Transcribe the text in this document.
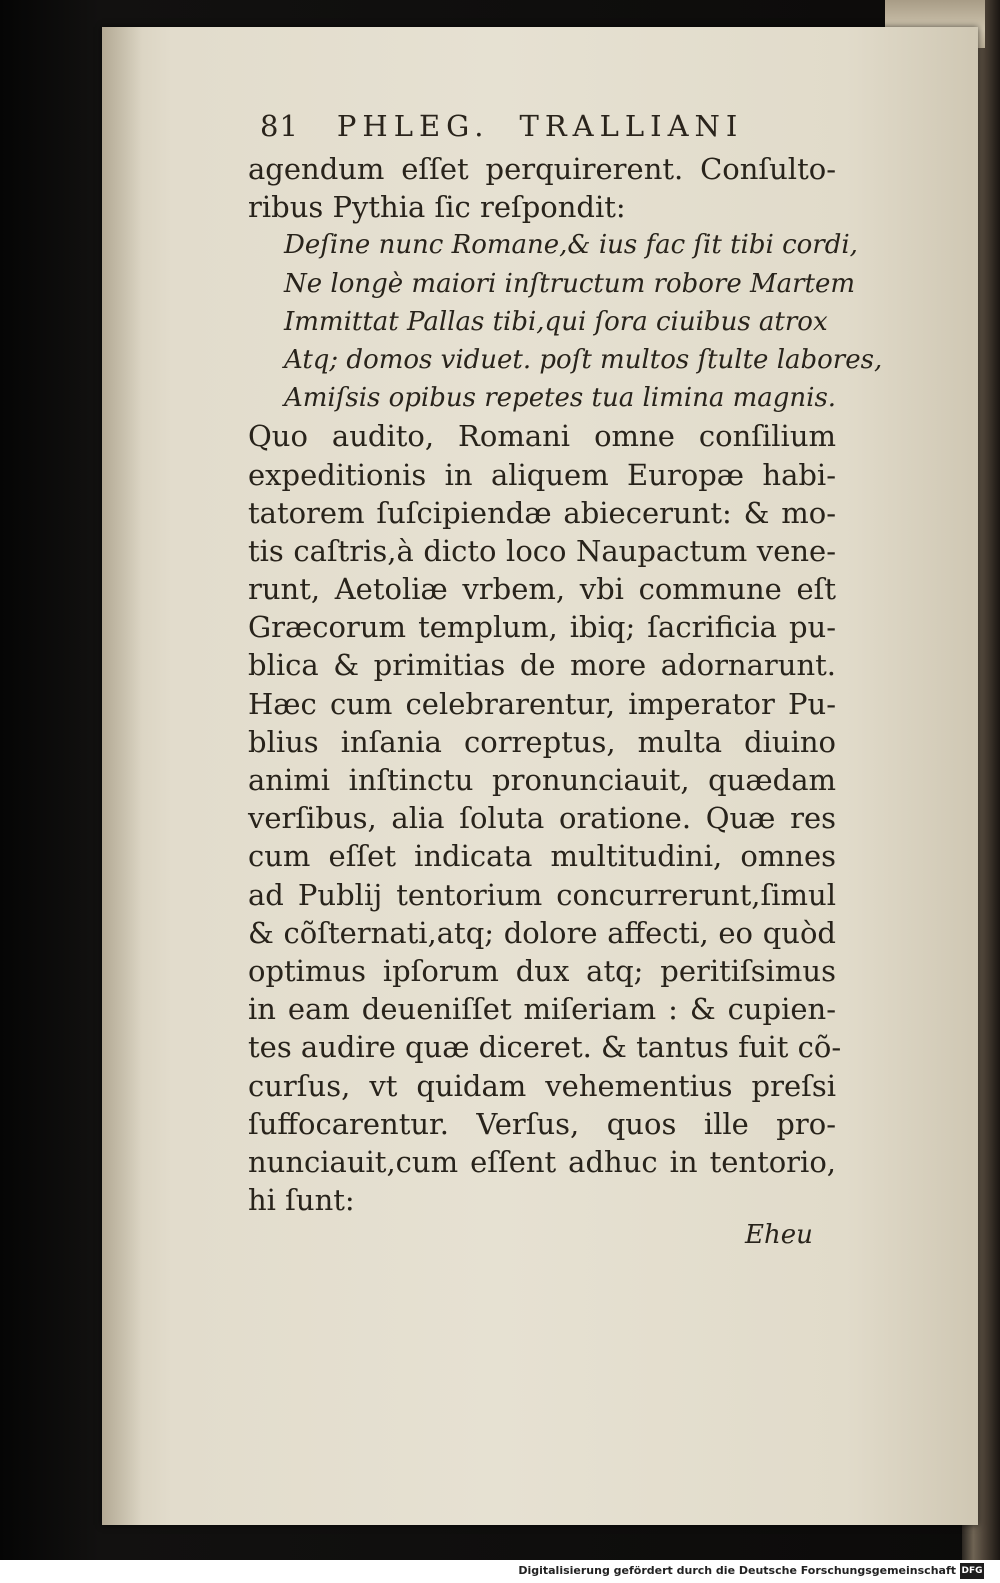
81 PHLEG. TRALLIANI
agendum eſſet perquirerent. Conſulto-
ribus Pythia ſic reſpondit:
Deſine nunc Romane,& ius fac ſit tibi cordi,
Ne longè maiori inſtructum robore Martem
Immittat Pallas tibi,qui ſora ciuibus atrox
Atq; domos viduet. poſt multos ſtulte labores,
Amiſsis opibus repetes tua limina magnis.
Quo audito, Romani omne conſilium
expeditionis in aliquem Europæ habi-
tatorem ſuſcipiendæ abiecerunt: & mo-
tis caſtris,à dicto loco Naupactum vene-
runt, Aetoliæ vrbem, vbi commune eſt
Græcorum templum, ibiq; ſacrificia pu-
blica & primitias de more adornarunt.
Hæc cum celebrarentur, imperator Pu-
blius inſania correptus, multa diuino
animi inſtinctu pronunciauit, quædam
verſibus, alia ſoluta oratione. Quæ res
cum eſſet indicata multitudini, omnes
ad Publij tentorium concurrerunt,ſimul
& cõſternati,atq; dolore affecti, eo quòd
optimus ipſorum dux atq; peritiſsimus
in eam deueniſſet miſeriam : & cupien-
tes audire quæ diceret. & tantus fuit cõ-
curſus, vt quidam vehementius preſsi
ſuffocarentur. Verſus, quos ille pro-
nunciauit,cum eſſent adhuc in tentorio,
hi ſunt:
Eheu
Digitalisierung gefördert durch die Deutsche Forschungsgemeinschaft DFG
